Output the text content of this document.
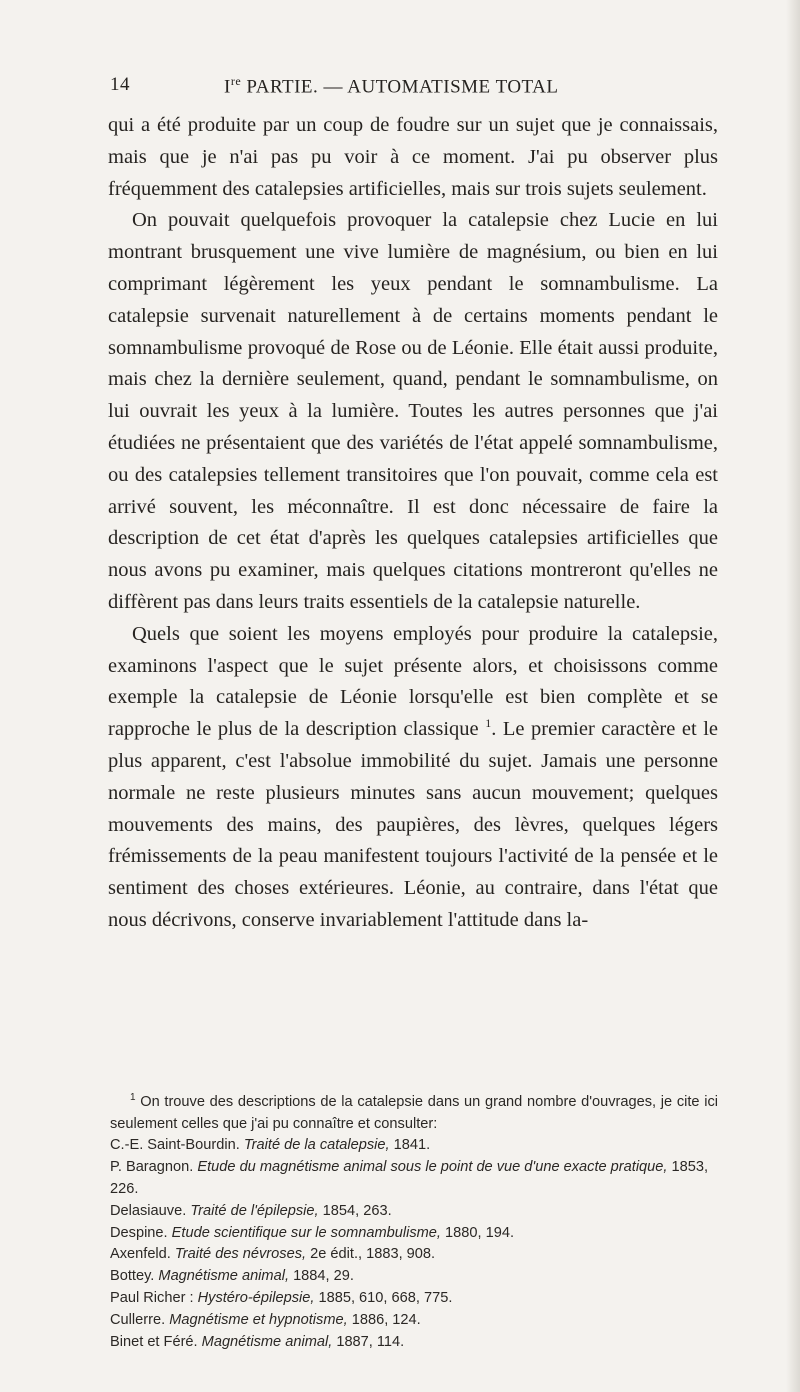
14	Ire PARTIE. — AUTOMATISME TOTAL

qui a été produite par un coup de foudre sur un sujet que je connaissais, mais que je n'ai pas pu voir à ce moment. J'ai pu observer plus fréquemment des catalepsies artificielles, mais sur trois sujets seulement.

On pouvait quelquefois provoquer la catalepsie chez Lucie en lui montrant brusquement une vive lumière de magnésium, ou bien en lui comprimant légèrement les yeux pendant le somnambulisme. La catalepsie survenait naturellement à de certains moments pendant le somnambulisme provoqué de Rose ou de Léonie. Elle était aussi produite, mais chez la dernière seulement, quand, pendant le somnambulisme, on lui ouvrait les yeux à la lumière. Toutes les autres personnes que j'ai étudiées ne présentaient que des variétés de l'état appelé somnambulisme, ou des catalepsies tellement transitoires que l'on pouvait, comme cela est arrivé souvent, les méconnaître. Il est donc nécessaire de faire la description de cet état d'après les quelques catalepsies artificielles que nous avons pu examiner, mais quelques citations montreront qu'elles ne diffèrent pas dans leurs traits essentiels de la catalepsie naturelle.

Quels que soient les moyens employés pour produire la catalepsie, examinons l'aspect que le sujet présente alors, et choisissons comme exemple la catalepsie de Léonie lorsqu'elle est bien complète et se rapproche le plus de la description classique $^1$. Le premier caractère et le plus apparent, c'est l'absolue immobilité du sujet. Jamais une personne normale ne reste plusieurs minutes sans aucun mouvement; quelques mouvements des mains, des paupières, des lèvres, quelques légers frémissements de la peau manifestent toujours l'activité de la pensée et le sentiment des choses extérieures. Léonie, au contraire, dans l'état que nous décrivons, conserve invariablement l'attitude dans la-

$^1$ On trouve des descriptions de la catalepsie dans un grand nombre d'ouvrages, je cite ici seulement celles que j'ai pu connaître et consulter:

C.-E. Saint-Bourdin. Traité de la catalepsie, 1841.

P. Baragnon. Etude du magnétisme animal sous le point de vue d'une exacte pratique, 1853, 226.

Delasiauve. Traité de l'épilepsie, 1854, 263.

Despine. Etude scientifique sur le somnambulisme, 1880, 194.

Axenfeld. Traité des névroses, 2e édit., 1883, 908.

Bottey. Magnétisme animal, 1884, 29.

Paul Richer : Hystéro-épilepsie, 1885, 610, 668, 775.

Cullerre. Magnétisme et hypnotisme, 1886, 124.

Binet et Féré. Magnétisme animal, 1887, 114.
